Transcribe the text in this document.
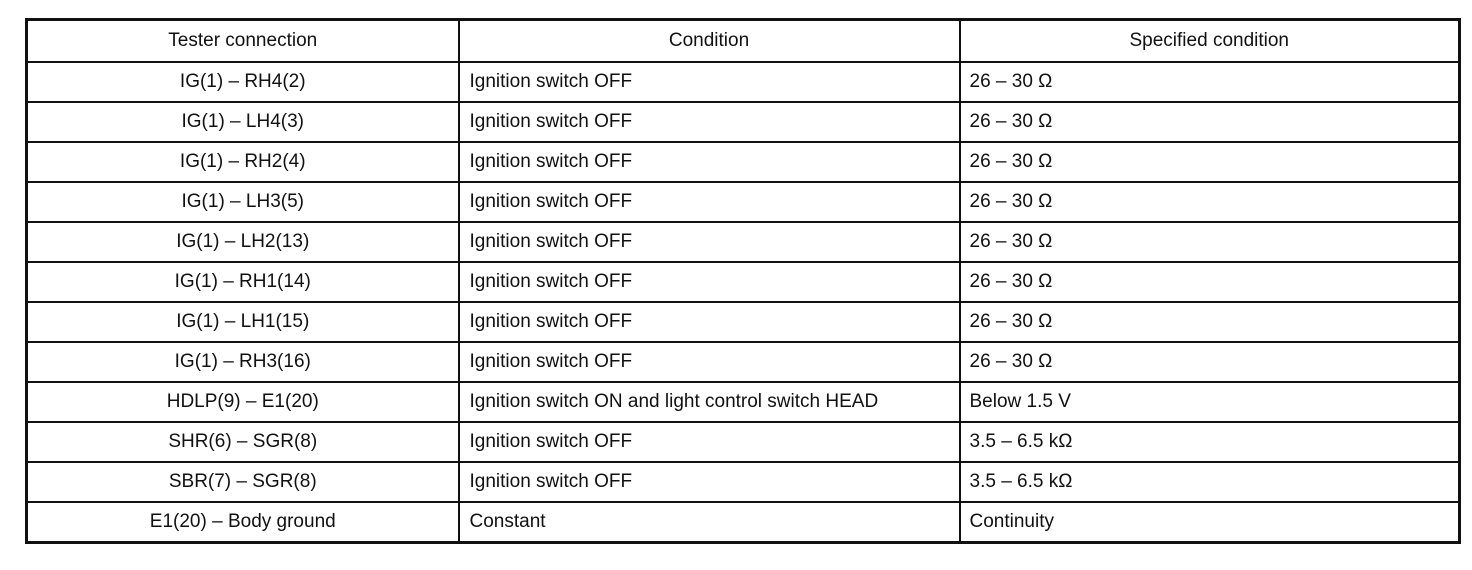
Tester connection	Condition	Specified condition
IG(1) – RH4(2)	Ignition switch OFF	26 – 30 Ω
IG(1) – LH4(3)	Ignition switch OFF	26 – 30 Ω
IG(1) – RH2(4)	Ignition switch OFF	26 – 30 Ω
IG(1) – LH3(5)	Ignition switch OFF	26 – 30 Ω
IG(1) – LH2(13)	Ignition switch OFF	26 – 30 Ω
IG(1) – RH1(14)	Ignition switch OFF	26 – 30 Ω
IG(1) – LH1(15)	Ignition switch OFF	26 – 30 Ω
IG(1) – RH3(16)	Ignition switch OFF	26 – 30 Ω
HDLP(9) – E1(20)	Ignition switch ON and light control switch HEAD	Below 1.5 V
SHR(6) – SGR(8)	Ignition switch OFF	3.5 – 6.5 kΩ
SBR(7) – SGR(8)	Ignition switch OFF	3.5 – 6.5 kΩ
E1(20) – Body ground	Constant	Continuity
